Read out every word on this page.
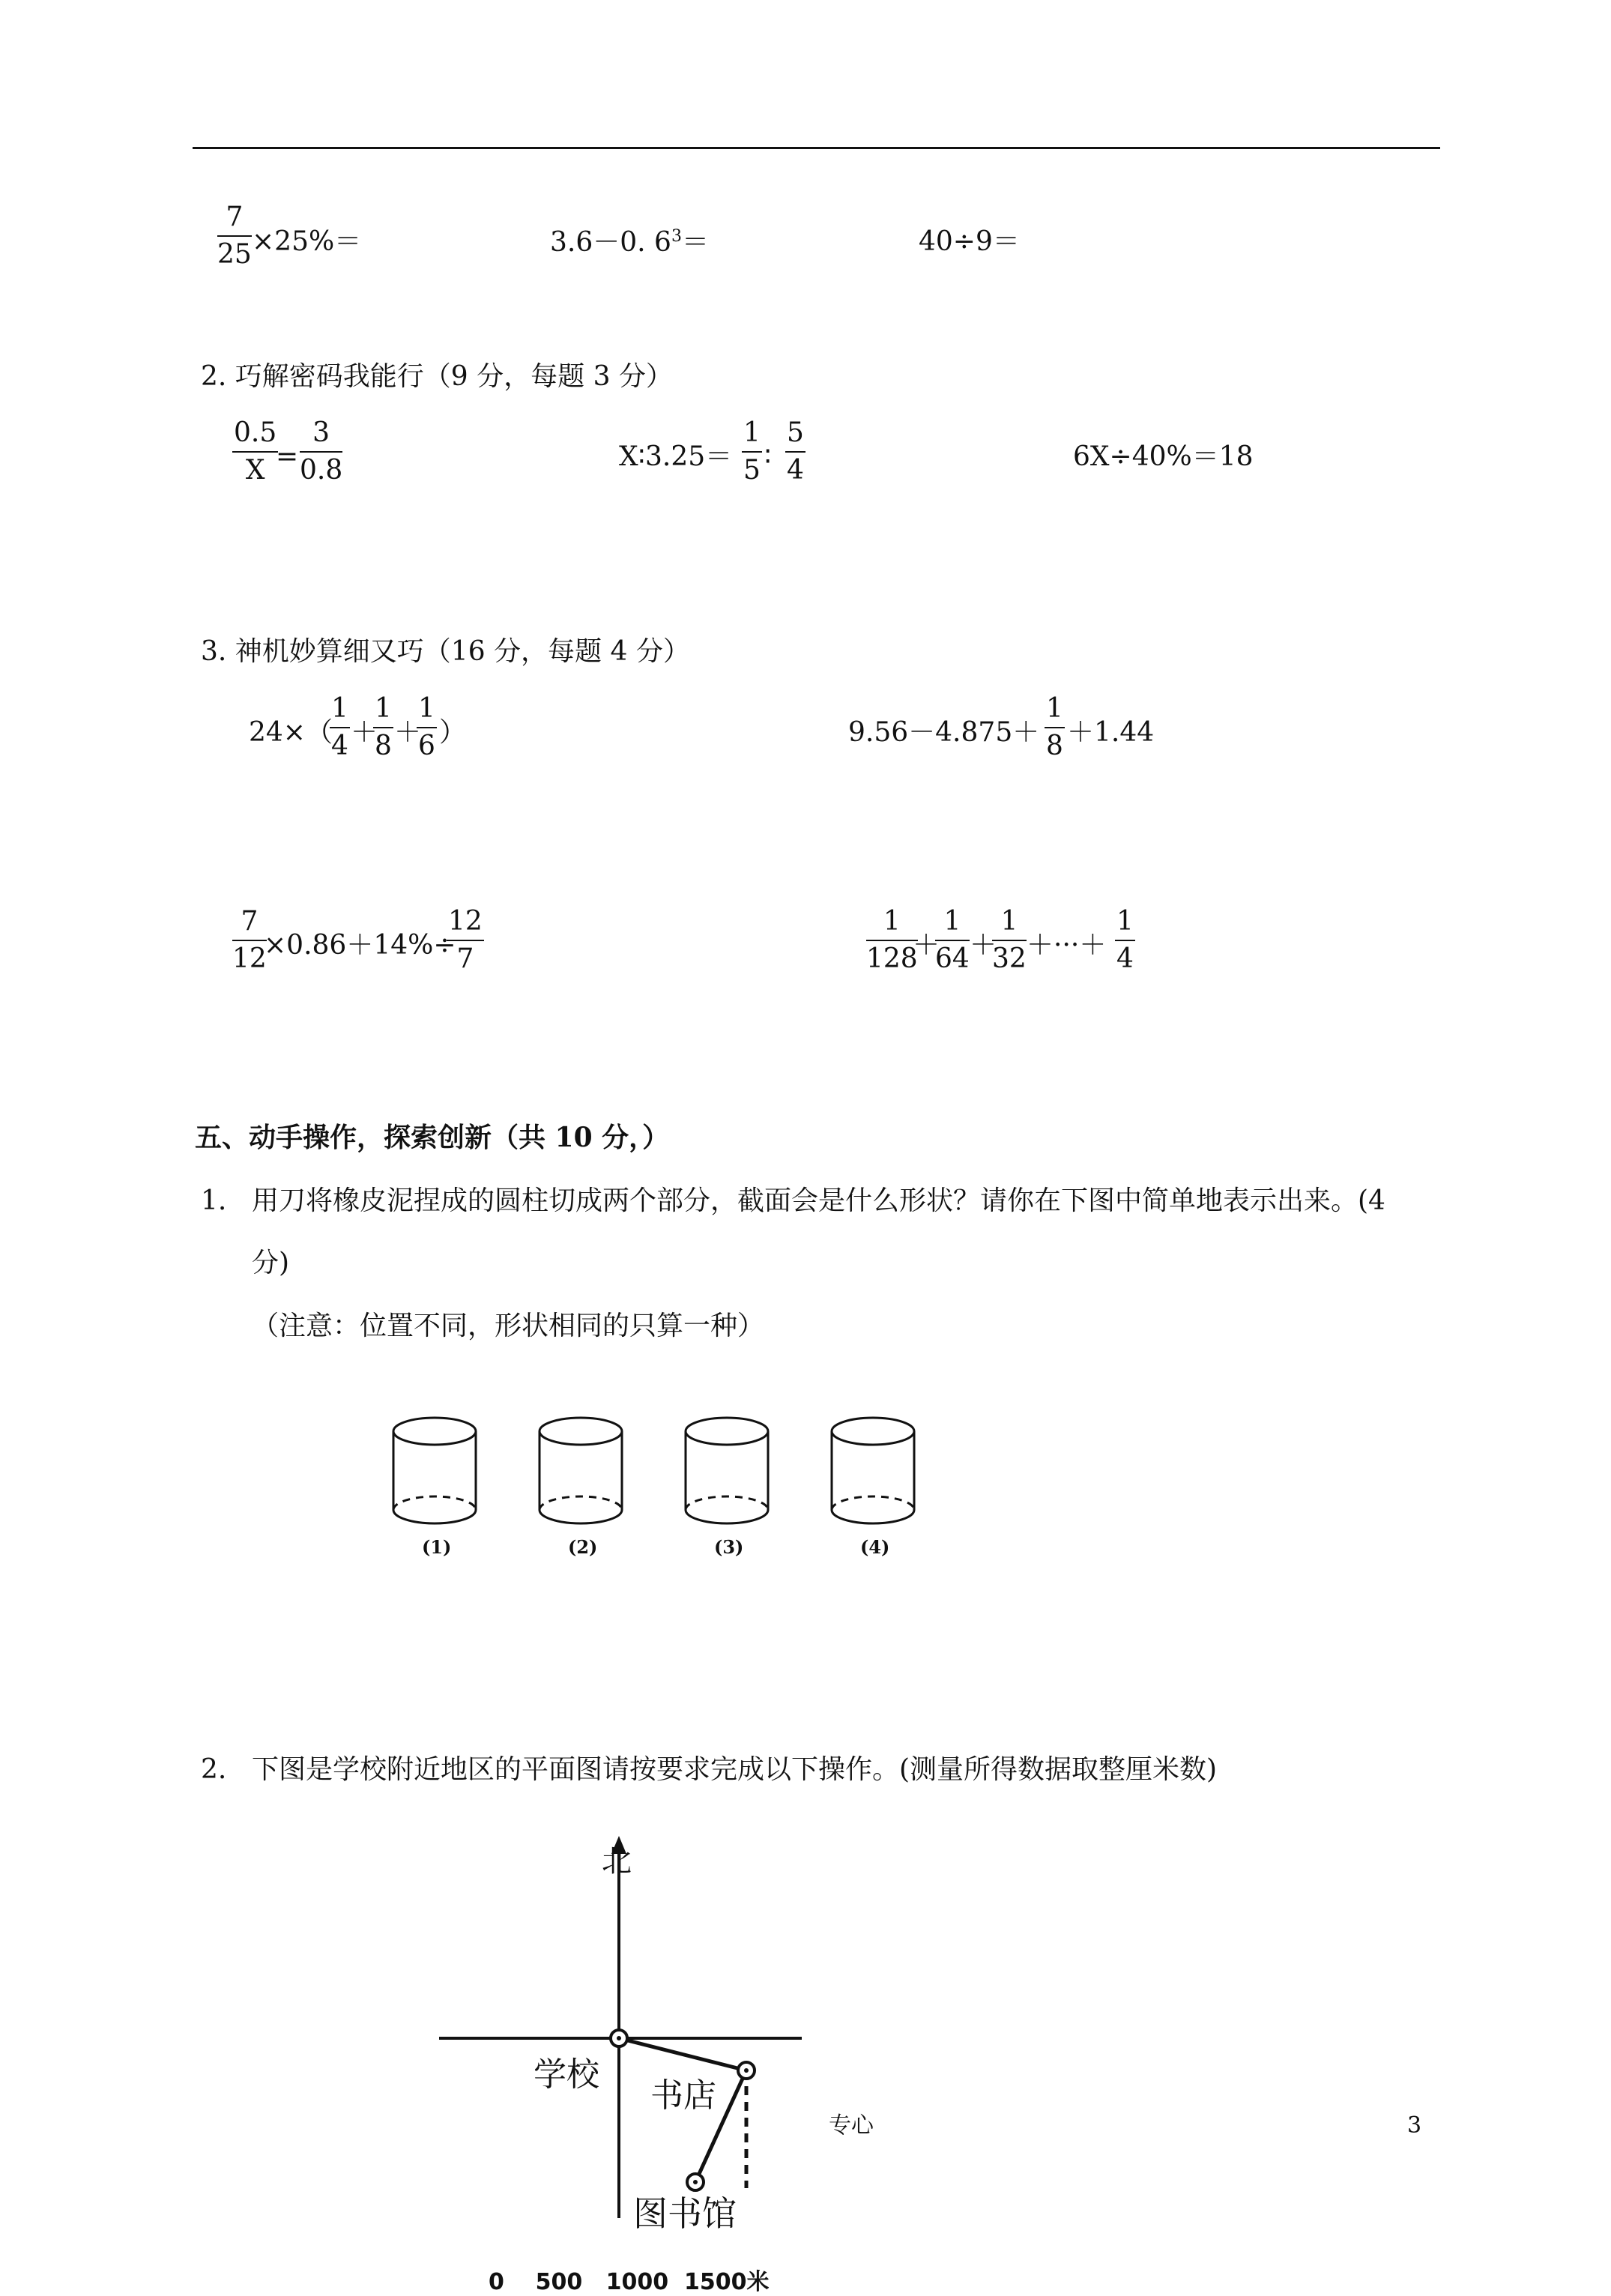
$\frac{7}{25} \times 25\%=$	3.6－0. $6^3=$	40÷9＝
2. 巧解密码我能行（9 分，每题 3 分）
$\frac{0.5}{X}$
= $\frac{3}{0.8}$	X∶3.25＝ $\frac{1}{5}$ ∶ $\frac{5}{4}$	6X÷40%＝18
3. 神机妙算细又巧（16 分，每题 4 分）
24×（
$\frac{1}{4}$ ＋
$\frac{1}{8}$ ＋
$\frac{1}{6}$ ）	$9.56-4.875+ \frac{1}{8} +1.44$
$\frac{7}{12}$
×0.86＋14%÷
$\frac{12}{7}$	$\frac{1}{128}$
＋
$\frac{1}{64}$ ＋
$\frac{1}{32}$ ＋···＋ $\frac{1}{4}$
五、动手操作，探索创新（共 10 分，）
1. 用刀将橡皮泥捏成的圆柱切成两个部分，截面会是什么形状？请你在下图中简单地表示出来。(4
分)
（注意：位置不同，形状相同的只算一种）
(1)	(2)	(3)	(4)
2. 下图是学校附近地区的平面图请按要求完成以下操作。(测量所得数据取整厘米数)
北
学校
书店
图书馆
0    500   1000  1500米
专心	3
